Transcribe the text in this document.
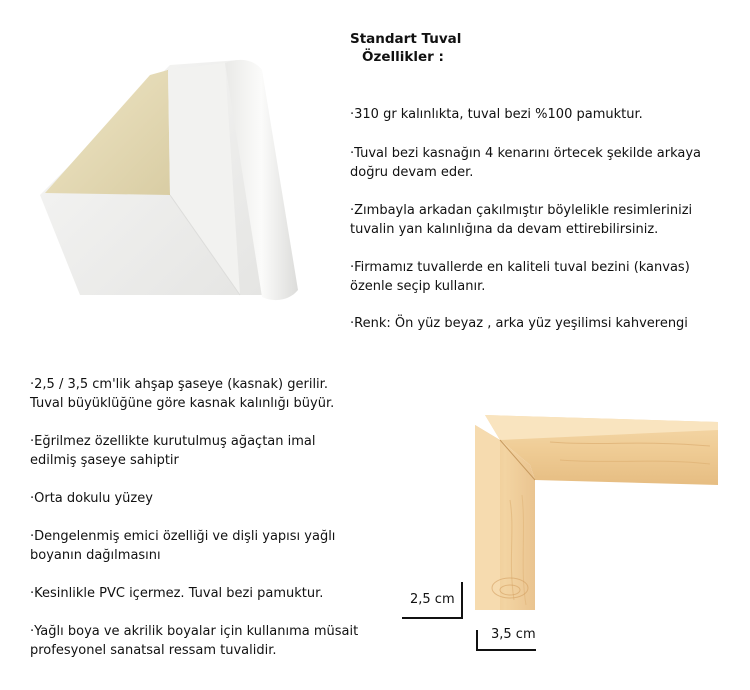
Standart Tuval
Özellikler :
·310 gr kalınlıkta, tuval bezi %100 pamuktur.
·Tuval bezi kasnağın 4 kenarını örtecek şekilde arkaya doğru devam eder.
·Zımbayla arkadan çakılmıştır böylelikle resimlerinizi tuvalin yan kalınlığına da devam ettirebilirsiniz.
·Firmamız tuvallerde en kaliteli tuval bezini (kanvas) özenle seçip kullanır.
·Renk: Ön yüz beyaz , arka yüz yeşilimsi kahverengi
·2,5 / 3,5 cm'lik ahşap şaseye (kasnak) gerilir. Tuval büyüklüğüne göre kasnak kalınlığı büyür.
·Eğrilmez özellikte kurutulmuş ağaçtan imal edilmiş şaseye sahiptir
·Orta dokulu yüzey
·Dengelenmiş emici özelliği ve dişli yapısı yağlı boyanın dağılmasını
·Kesinlikle PVC içermez. Tuval bezi pamuktur.
·Yağlı boya ve akrilik boyalar için kullanıma müsait profesyonel sanatsal ressam tuvalidir.
2,5 cm
3,5 cm
